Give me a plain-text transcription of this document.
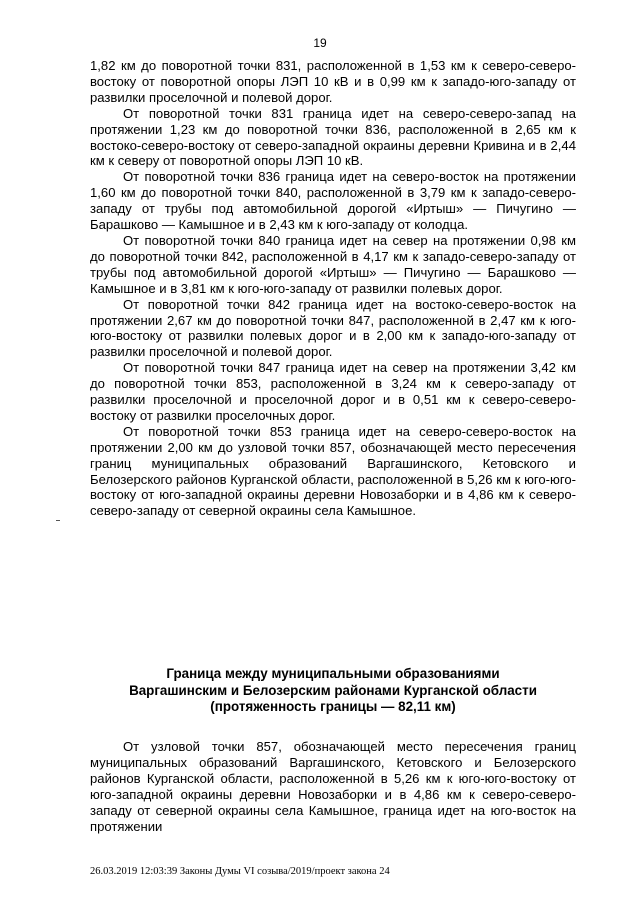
19

1,82 км до поворотной точки 831, расположенной в 1,53 км к северо-северо-востоку от поворотной опоры ЛЭП 10 кВ и в 0,99 км к западо-юго-западу от развилки проселочной и полевой дорог.

От поворотной точки 831 граница идет на северо-северо-запад на протяжении 1,23 км до поворотной точки 836, расположенной в 2,65 км к востоко-северо-востоку от северо-западной окраины деревни Кривина и в 2,44 км к северу от поворотной опоры ЛЭП 10 кВ.

От поворотной точки 836 граница идет на северо-восток на протяжении 1,60 км до поворотной точки 840, расположенной в 3,79 км к западо-северо-западу от трубы под автомобильной дорогой «Иртыш» — Пичугино — Барашково — Камышное и в 2,43 км к юго-западу от колодца.

От поворотной точки 840 граница идет на север на протяжении 0,98 км до поворотной точки 842, расположенной в 4,17 км к западо-северо-западу от трубы под автомобильной дорогой «Иртыш» — Пичугино — Барашково — Камышное и в 3,81 км к юго-юго-западу от развилки полевых дорог.

От поворотной точки 842 граница идет на востоко-северо-восток на протяжении 2,67 км до поворотной точки 847, расположенной в 2,47 км к юго-юго-востоку от развилки полевых дорог и в 2,00 км к западо-юго-западу от развилки проселочной и полевой дорог.

От поворотной точки 847 граница идет на север на протяжении 3,42 км до поворотной точки 853, расположенной в 3,24 км к северо-западу от развилки проселочной и проселочной дорог и в 0,51 км к северо-северо-востоку от развилки проселочных дорог.

От поворотной точки 853 граница идет на северо-северо-восток на протяжении 2,00 км до узловой точки 857, обозначающей место пересечения границ муниципальных образований Варгашинского, Кетовского и Белозерского районов Курганской области, расположенной в 5,26 км к юго-юго-востоку от юго-западной окраины деревни Новозаборки и в 4,86 км к северо-северо-западу от северной окраины села Камышное.

Граница между муниципальными образованиями
Варгашинским и Белозерским районами Курганской области
(протяженность границы — 82,11 км)

От узловой точки 857, обозначающей место пересечения границ муниципальных образований Варгашинского, Кетовского и Белозерского районов Курганской области, расположенной в 5,26 км к юго-юго-востоку от юго-западной окраины деревни Новозаборки и в 4,86 км к северо-северо-западу от северной окраины села Камышное, граница идет на юго-восток на протяжении

26.03.2019 12:03:39 Законы Думы VI созыва/2019/проект закона 24
